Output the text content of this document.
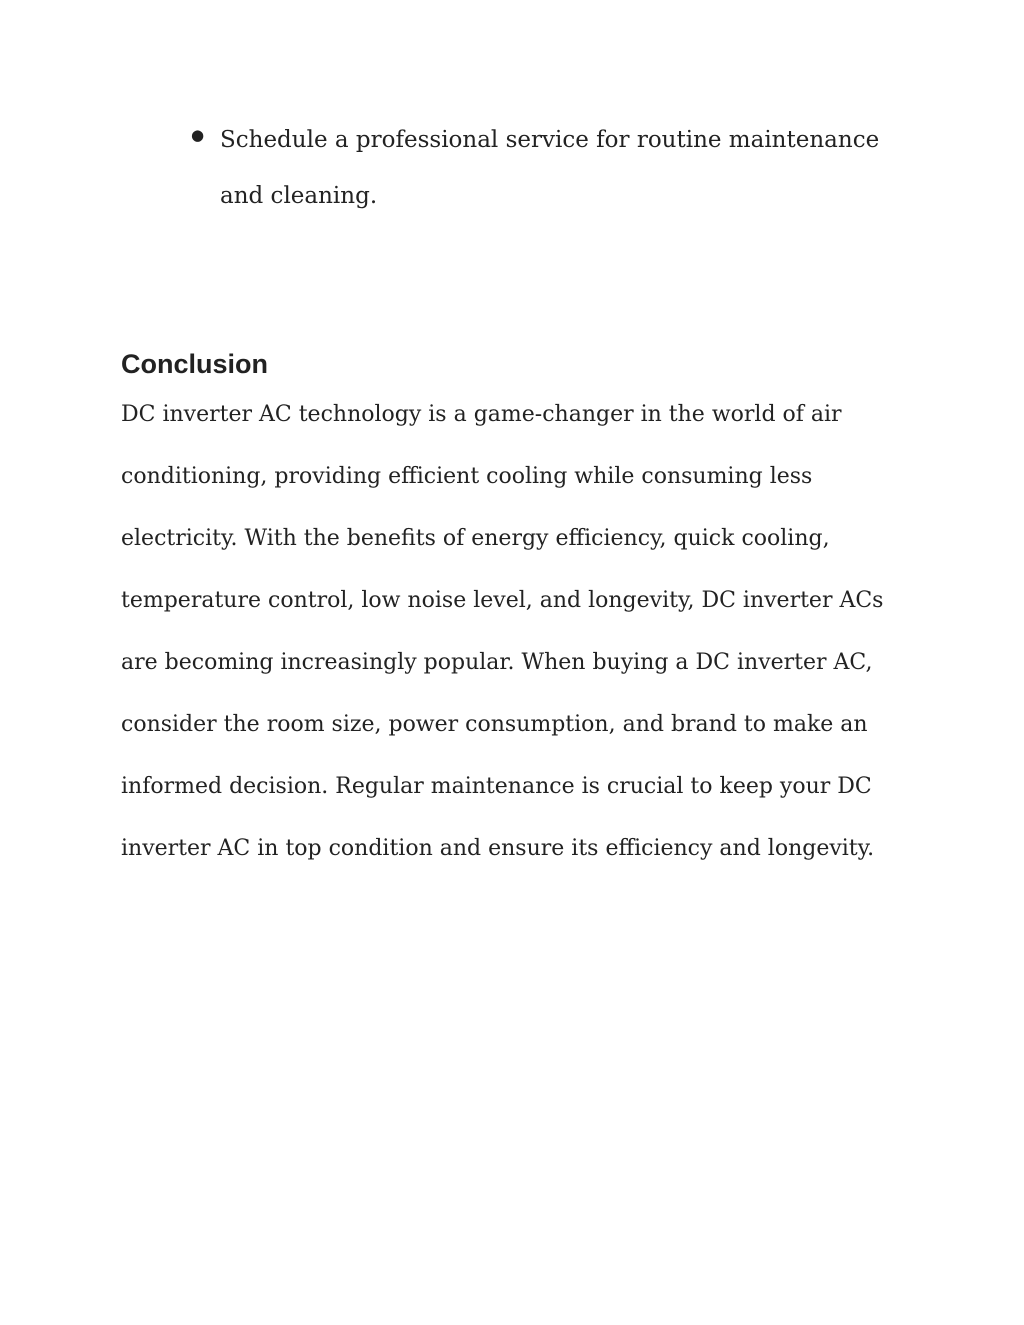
● Schedule a professional service for routine maintenance and cleaning.
Conclusion

DC inverter AC technology is a game-changer in the world of air conditioning, providing efficient cooling while consuming less electricity. With the benefits of energy efficiency, quick cooling, temperature control, low noise level, and longevity, DC inverter ACs are becoming increasingly popular. When buying a DC inverter AC, consider the room size, power consumption, and brand to make an informed decision. Regular maintenance is crucial to keep your DC inverter AC in top condition and ensure its efficiency and longevity.
